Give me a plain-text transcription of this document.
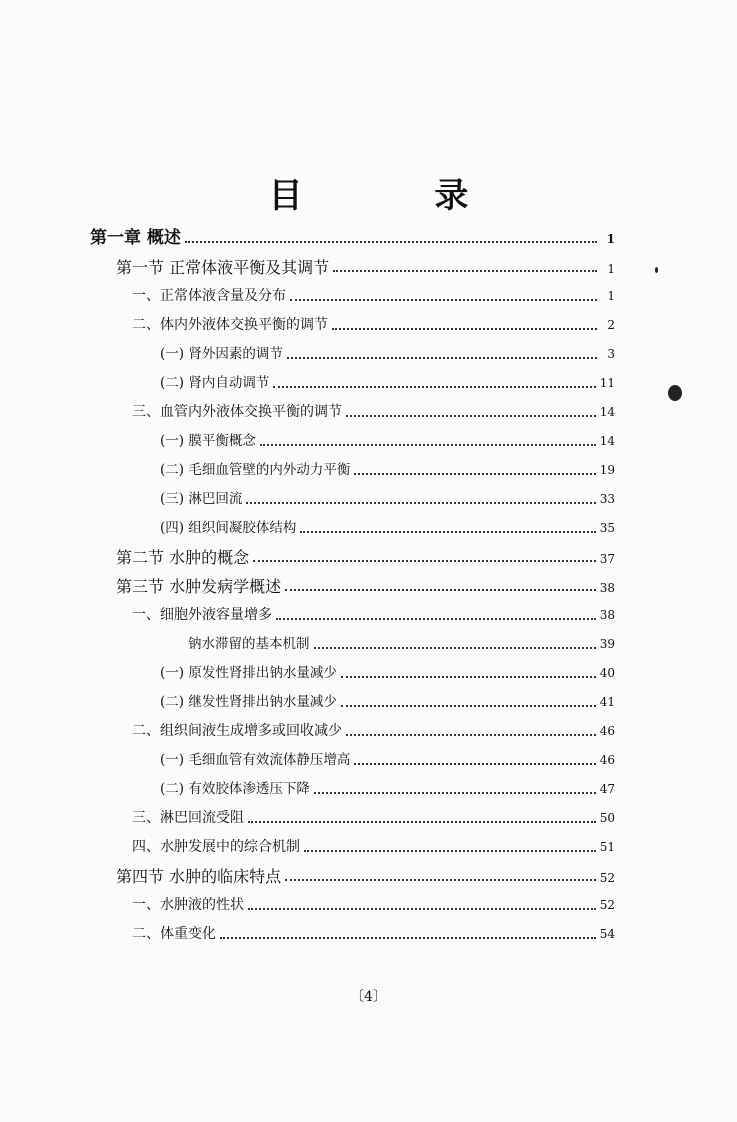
目 录
第一章 概述	1
第一节 正常体液平衡及其调节	1
一、正常体液含量及分布	1
二、体内外液体交换平衡的调节	2
(一) 肾外因素的调节	3
(二) 肾内自动调节	11
三、血管内外液体交换平衡的调节	14
(一) 膜平衡概念	14
(二) 毛细血管壁的内外动力平衡	19
(三) 淋巴回流	33
(四) 组织间凝胶体结构	35
第二节 水肿的概念	37
第三节 水肿发病学概述	38
一、细胞外液容量增多	38
钠水滞留的基本机制	39
(一) 原发性肾排出钠水量减少	40
(二) 继发性肾排出钠水量减少	41
二、组织间液生成增多或回收减少	46
(一) 毛细血管有效流体静压增高	46
(二) 有效胶体渗透压下降	47
三、淋巴回流受阻	50
四、水肿发展中的综合机制	51
第四节 水肿的临床特点	52
一、水肿液的性状	52
二、体重变化	54
〔4〕
